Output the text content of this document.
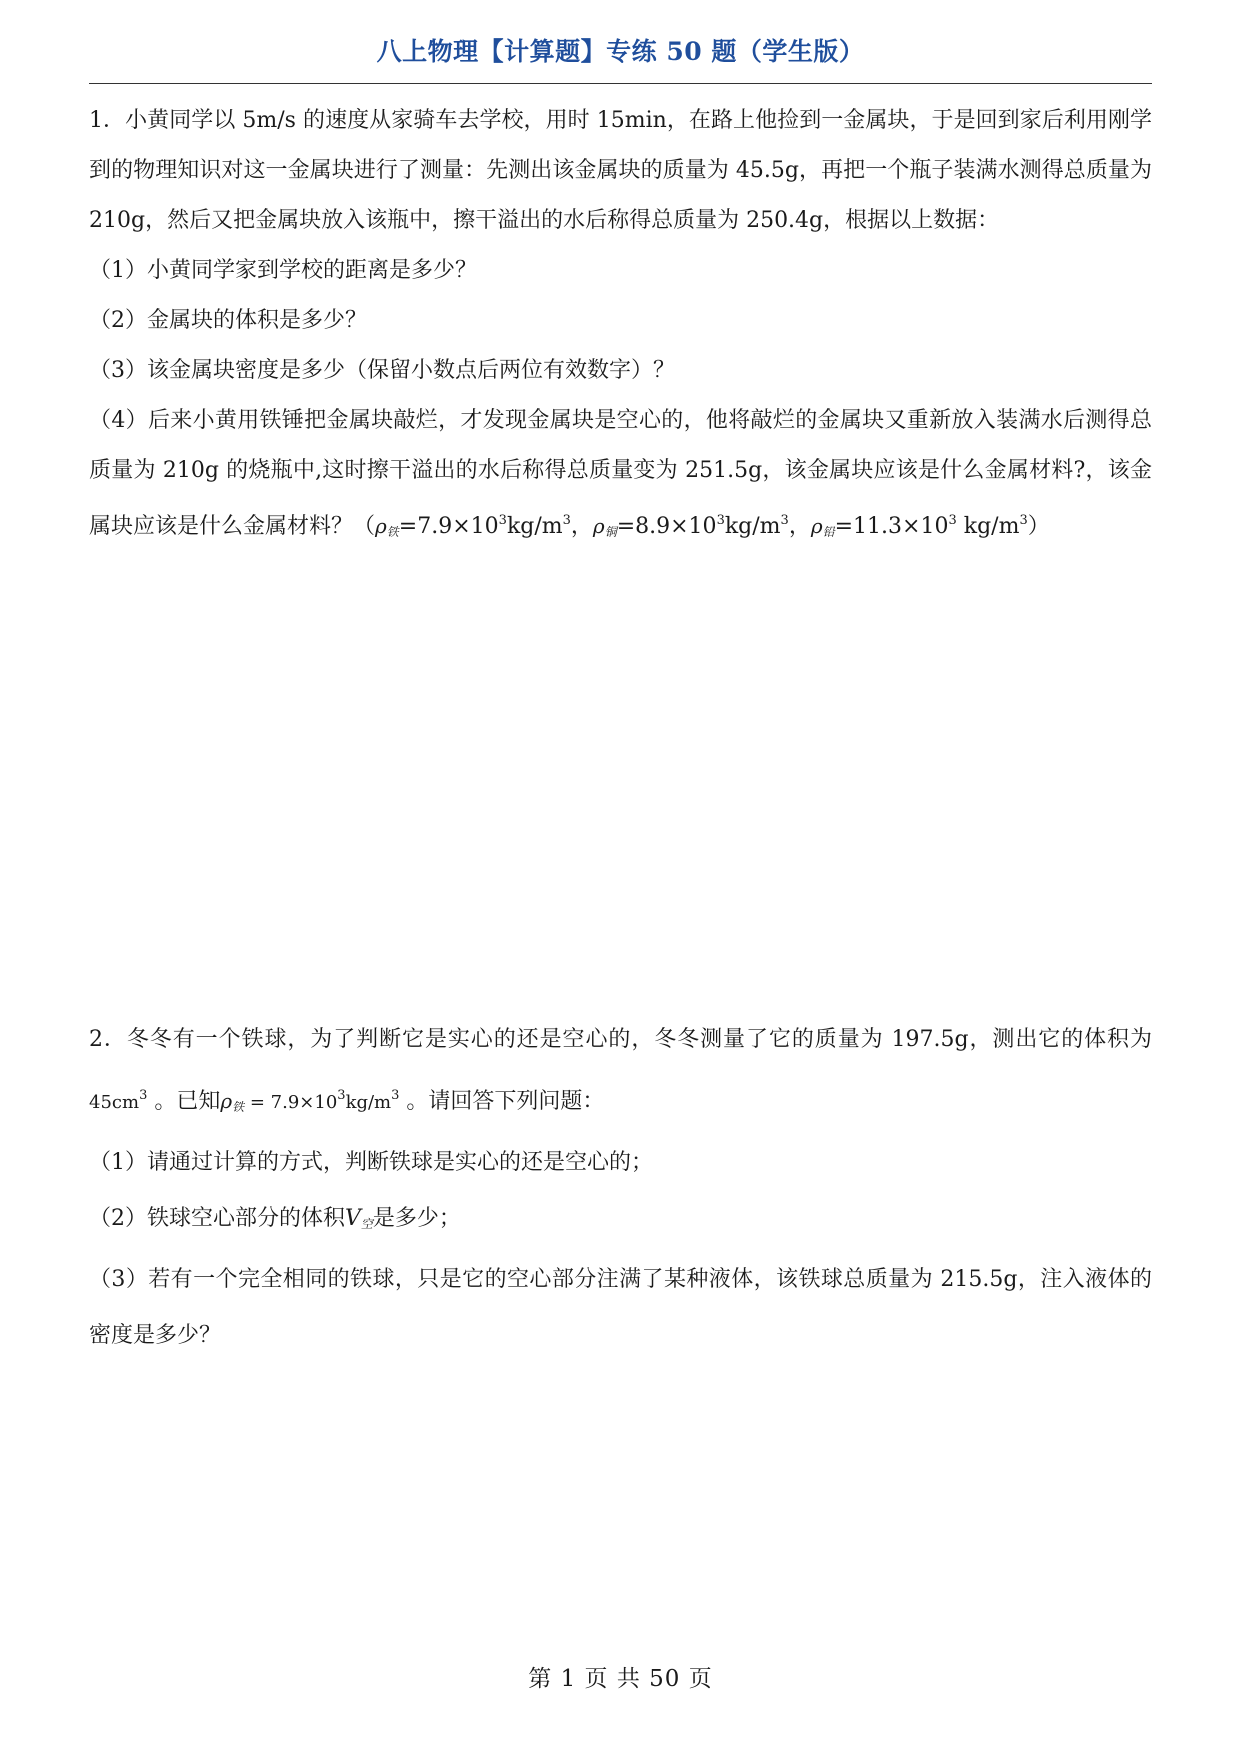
八上物理【计算题】专练 50 题（学生版）

1．小黄同学以 5m/s 的速度从家骑车去学校，用时 15min，在路上他捡到一金属块，于是回到家后利用刚学到的物理知识对这一金属块进行了测量：先测出该金属块的质量为 45.5g，再把一个瓶子装满水测得总质量为 210g，然后又把金属块放入该瓶中，擦干溢出的水后称得总质量为 250.4g，根据以上数据：

（1）小黄同学家到学校的距离是多少？

（2）金属块的体积是多少？

（3）该金属块密度是多少（保留小数点后两位有效数字）？

（4）后来小黄用铁锤把金属块敲烂，才发现金属块是空心的，他将敲烂的金属块又重新放入装满水后测得总质量为 210g 的烧瓶中,这时擦干溢出的水后称得总质量变为 251.5g，该金属块应该是什么金属材料?，该金属块应该是什么金属材料？（$\rho_铁=7.9\times 10^3kg/m^3$，$\rho_铜=8.9\times 10^3kg/m^3$，$\rho_铅=11.3\times 10^3$ $kg/m^3$）

2．冬冬有一个铁球，为了判断它是实心的还是空心的，冬冬测量了它的质量为 197.5g，测出它的体积为$45cm^3$ 。已知$\rho_铁 = 7.9\times 10^3kg/m^3$ 。请回答下列问题：

（1）请通过计算的方式，判断铁球是实心的还是空心的；

（2）铁球空心部分的体积$V_空$是多少；

（3）若有一个完全相同的铁球，只是它的空心部分注满了某种液体，该铁球总质量为 215.5g，注入液体的密度是多少？

第 1 页 共 50 页
